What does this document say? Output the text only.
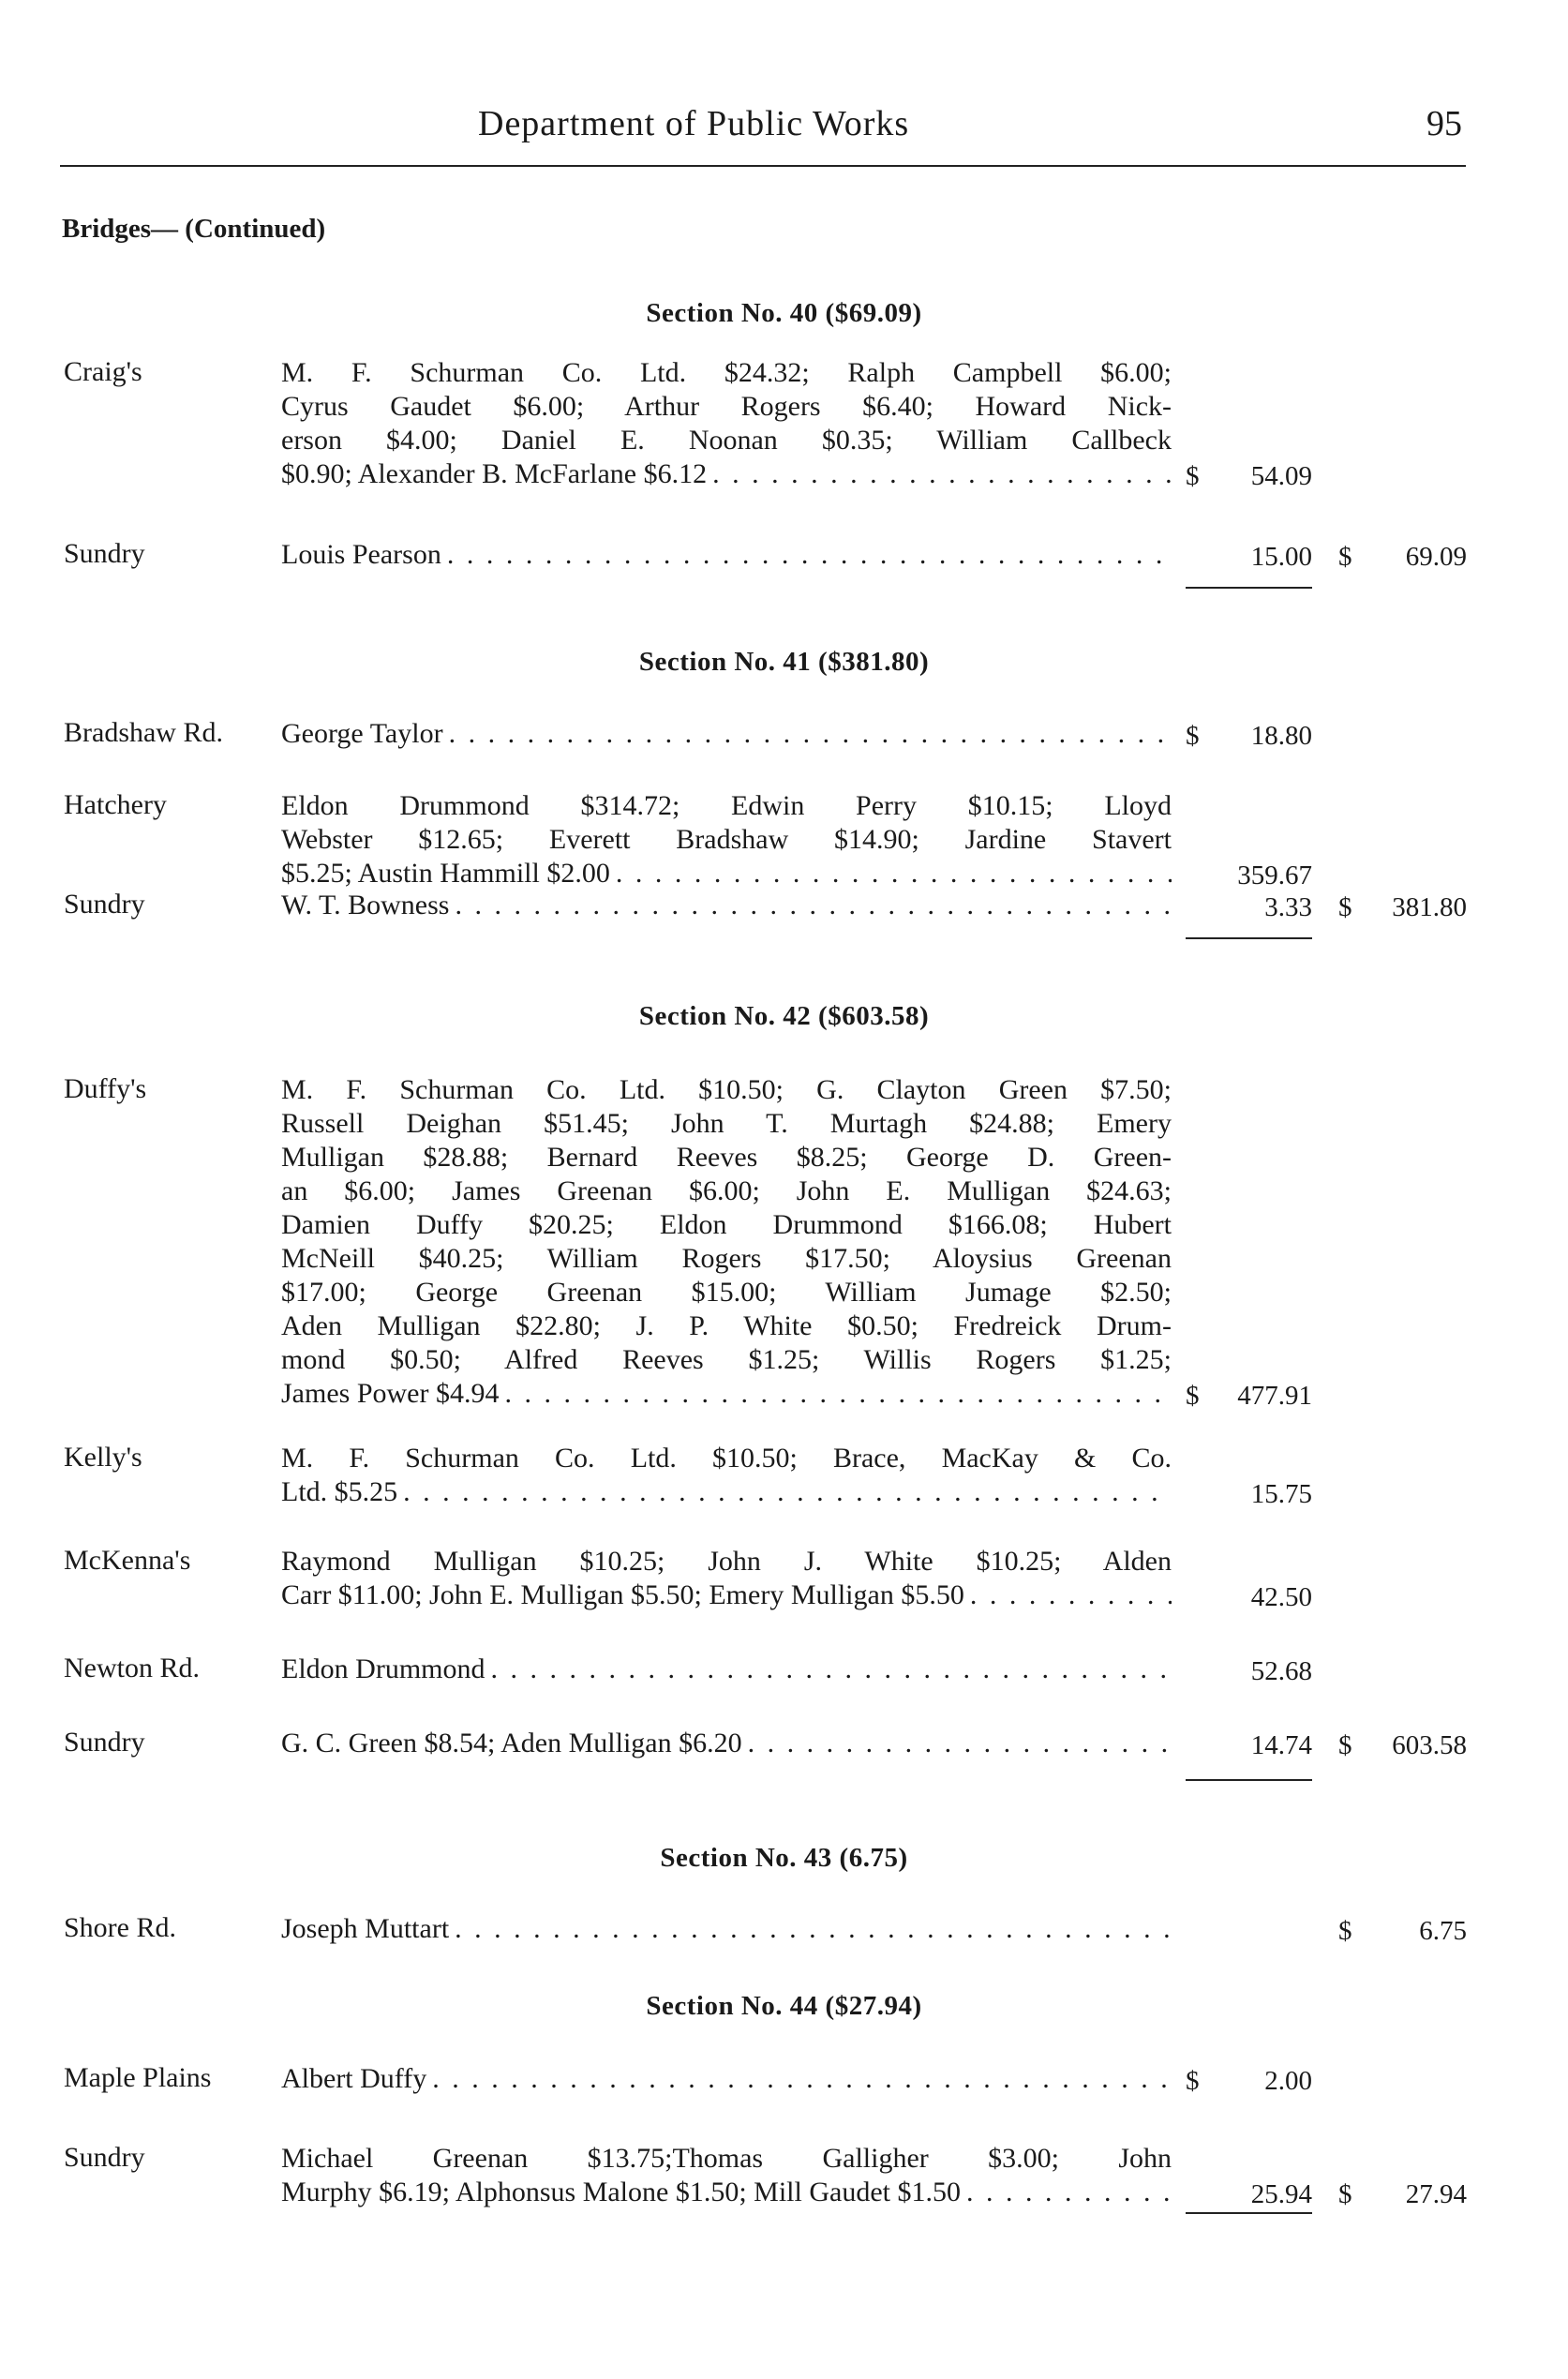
Department of Public Works	95
Bridges— (Continued)
Section No. 40 ($69.09)
Craig's	M. F. Schurman Co. Ltd. $24.32; Ralph Campbell $6.00;
Cyrus Gaudet $6.00; Arthur Rogers $6.40; Howard Nick-
erson $4.00; Daniel E. Noonan $0.35; William Callbeck
$0.90; Alexander B. McFarlane $6.12 . . .	$	54.09
Sundry	Louis Pearson . . .	15.00 $	69.09
Section No. 41 ($381.80)
Bradshaw Rd. George Taylor . . .	$	18.80
Hatchery	Eldon Drummond $314.72; Edwin Perry $10.15; Lloyd
Webster $12.65; Everett Bradshaw $14.90; Jardine Stavert
$5.25; Austin Hammill $2.00 . . .	359.67
Sundry	W. T. Bowness . . .	3.33 $	381.80
Section No. 42 ($603.58)
Duffy's	M. F. Schurman Co. Ltd. $10.50; G. Clayton Green $7.50;
Russell Deighan $51.45; John T. Murtagh $24.88; Emery
Mulligan $28.88; Bernard Reeves $8.25; George D. Green-
an $6.00; James Greenan $6.00; John E. Mulligan $24.63;
Damien Duffy $20.25; Eldon Drummond $166.08; Hubert
McNeill $40.25; William Rogers $17.50; Aloysius Greenan
$17.00; George Greenan $15.00; William Jumage $2.50;
Aden Mulligan $22.80; J. P. White $0.50; Fredreick Drum-
mond $0.50; Alfred Reeves $1.25; Willis Rogers $1.25;
James Power $4.94 . . .	$	477.91
Kelly's	M. F. Schurman Co. Ltd. $10.50; Brace, MacKay & Co.
Ltd. $5.25 . . .	15.75
McKenna's	Raymond Mulligan $10.25; John J. White $10.25; Alden
Carr $11.00; John E. Mulligan $5.50; Emery Mulligan $5.50 . . .	42.50
Newton Rd.	Eldon Drummond . . .	52.68
Sundry	G. C. Green $8.54; Aden Mulligan $6.20 . . .	14.74 $	603.58
Section No. 43 (6.75)
Shore Rd.	Joseph Muttart . . .	$	6.75
Section No. 44 ($27.94)
Maple Plains Albert Duffy . . .	$	2.00
Sundry	Michael Greenan $13.75;Thomas Galligher $3.00; John
Murphy $6.19; Alphonsus Malone $1.50; Mill Gaudet $1.50 . . .	25.94 $	27.94
